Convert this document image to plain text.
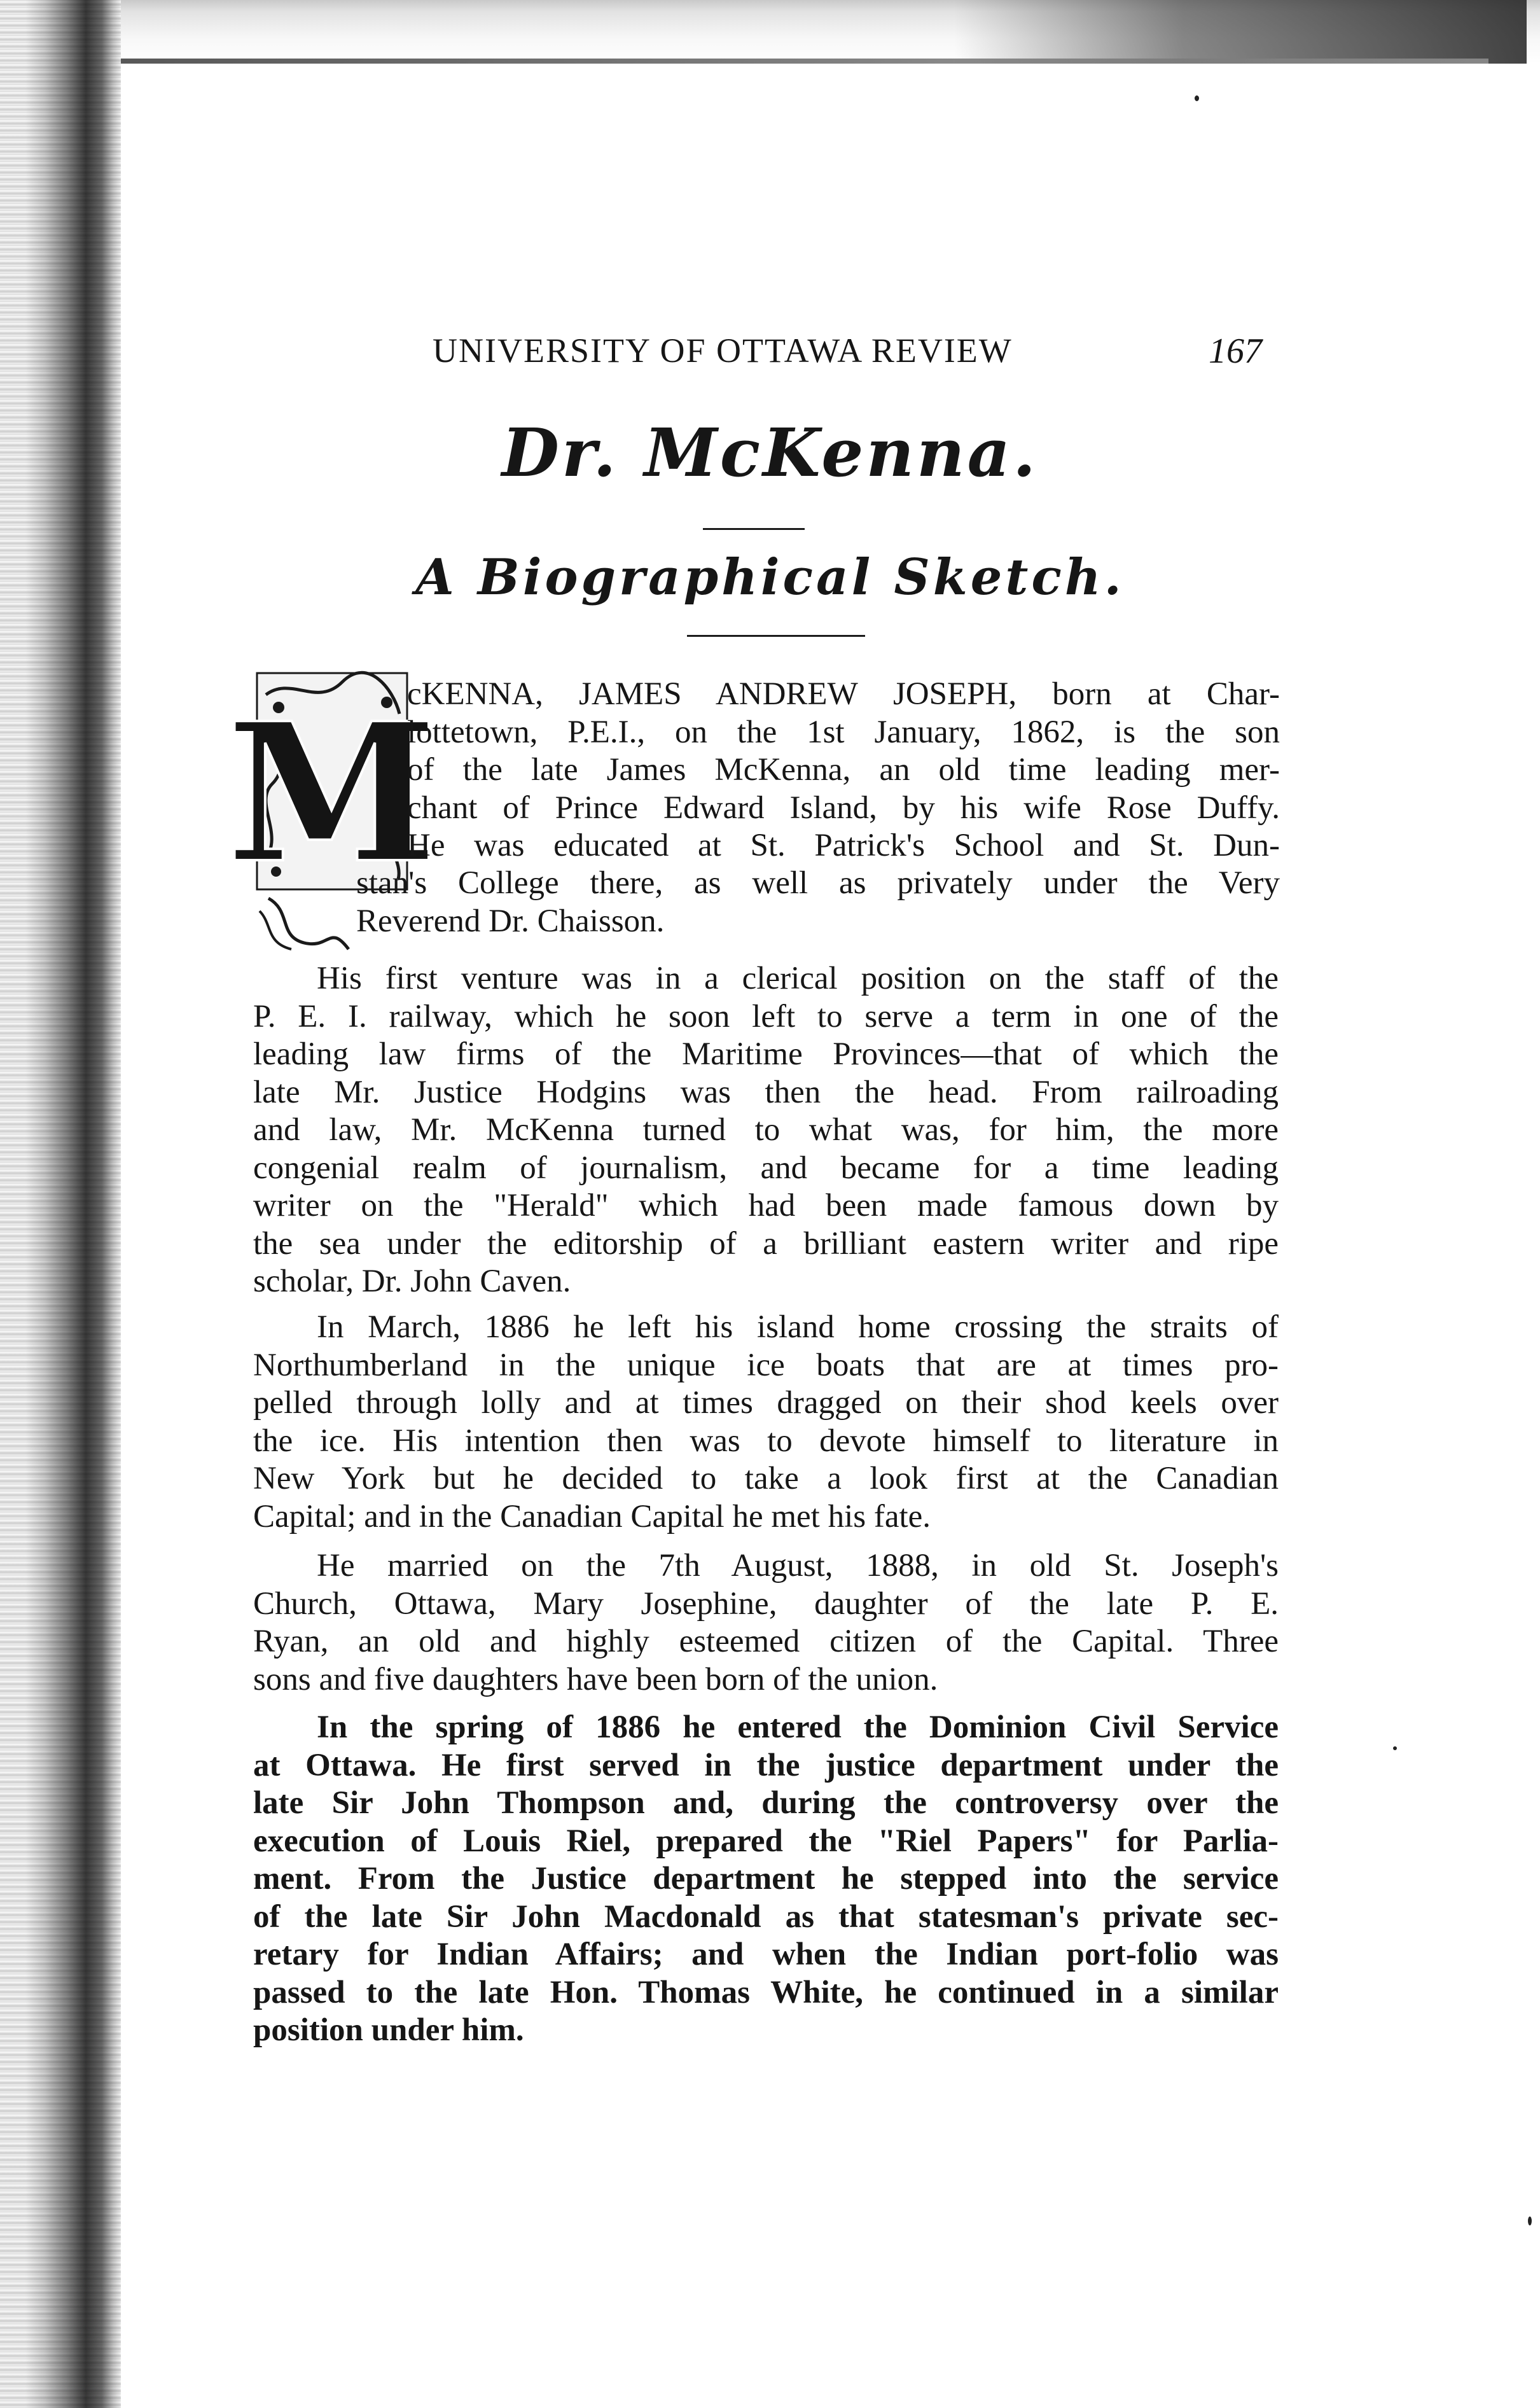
UNIVERSITY OF OTTAWA REVIEW	167
Dr. McKenna.
A Biographical Sketch.
M
cKENNA, JAMES ANDREW JOSEPH, born at Char-
lottetown, P.E.I., on the 1st January, 1862, is the son
of the late James McKenna, an old time leading mer-
chant of Prince Edward Island, by his wife Rose Duffy.
He was educated at St. Patrick's School and St. Dun-
stan's College there, as well as privately under the Very
Reverend Dr. Chaisson.
His first venture was in a clerical position on the staff of the
P. E. I. railway, which he soon left to serve a term in one of the
leading law firms of the Maritime Provinces—that of which the
late Mr. Justice Hodgins was then the head. From railroading
and law, Mr. McKenna turned to what was, for him, the more
congenial realm of journalism, and became for a time leading
writer on the "Herald" which had been made famous down by
the sea under the editorship of a brilliant eastern writer and ripe
scholar, Dr. John Caven.
In March, 1886 he left his island home crossing the straits of
Northumberland in the unique ice boats that are at times pro-
pelled through lolly and at times dragged on their shod keels over
the ice. His intention then was to devote himself to literature in
New York but he decided to take a look first at the Canadian
Capital; and in the Canadian Capital he met his fate.
He married on the 7th August, 1888, in old St. Joseph's
Church, Ottawa, Mary Josephine, daughter of the late P. E.
Ryan, an old and highly esteemed citizen of the Capital. Three
sons and five daughters have been born of the union.
In the spring of 1886 he entered the Dominion Civil Service
at Ottawa. He first served in the justice department under the
late Sir John Thompson and, during the controversy over the
execution of Louis Riel, prepared the "Riel Papers" for Parlia-
ment. From the Justice department he stepped into the service
of the late Sir John Macdonald as that statesman's private sec-
retary for Indian Affairs; and when the Indian port-folio was
passed to the late Hon. Thomas White, he continued in a similar
position under him.
